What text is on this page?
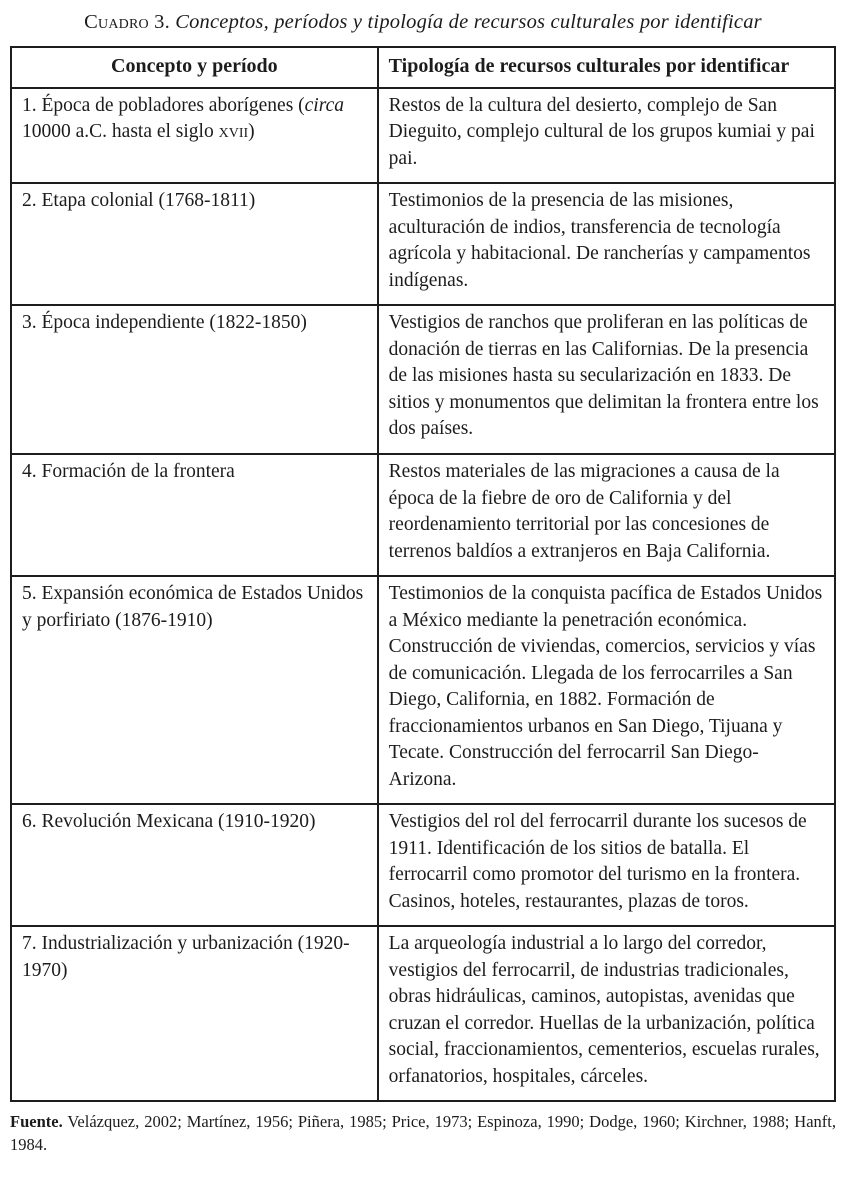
Cuadro 3. Conceptos, períodos y tipología de recursos culturales por identificar
Concepto y período	Tipología de recursos culturales por identificar
1. Época de pobladores aborígenes (circa 10000 a.C. hasta el siglo xvii)	Restos de la cultura del desierto, complejo de San Dieguito, complejo cultural de los grupos kumiai y pai pai.
2. Etapa colonial (1768-1811)	Testimonios de la presencia de las misiones, aculturación de indios, transferencia de tecnología agrícola y habitacional. De rancherías y campamentos indígenas.
3. Época independiente (1822-1850)	Vestigios de ranchos que proliferan en las políticas de donación de tierras en las Californias. De la presencia de las misiones hasta su secularización en 1833. De sitios y monumentos que delimitan la frontera entre los dos países.
4. Formación de la frontera	Restos materiales de las migraciones a causa de la época de la fiebre de oro de California y del reordenamiento territorial por las concesiones de terrenos baldíos a extranjeros en Baja California.
5. Expansión económica de Estados Unidos y porfiriato (1876-1910)	Testimonios de la conquista pacífica de Estados Unidos a México mediante la penetración económica. Construcción de viviendas, comercios, servicios y vías de comunicación. Llegada de los ferrocarriles a San Diego, California, en 1882. Formación de fraccionamientos urbanos en San Diego, Tijuana y Tecate. Construcción del ferrocarril San Diego-Arizona.
6. Revolución Mexicana (1910-1920)	Vestigios del rol del ferrocarril durante los sucesos de 1911. Identificación de los sitios de batalla. El ferrocarril como promotor del turismo en la frontera. Casinos, hoteles, restaurantes, plazas de toros.
7. Industrialización y urbanización (1920-1970)	La arqueología industrial a lo largo del corredor, vestigios del ferrocarril, de industrias tradicionales, obras hidráulicas, caminos, autopistas, avenidas que cruzan el corredor. Huellas de la urbanización, política social, fraccionamientos, cementerios, escuelas rurales, orfanatorios, hospitales, cárceles.
Fuente. Velázquez, 2002; Martínez, 1956; Piñera, 1985; Price, 1973; Espinoza, 1990; Dodge, 1960; Kirchner, 1988; Hanft, 1984.
